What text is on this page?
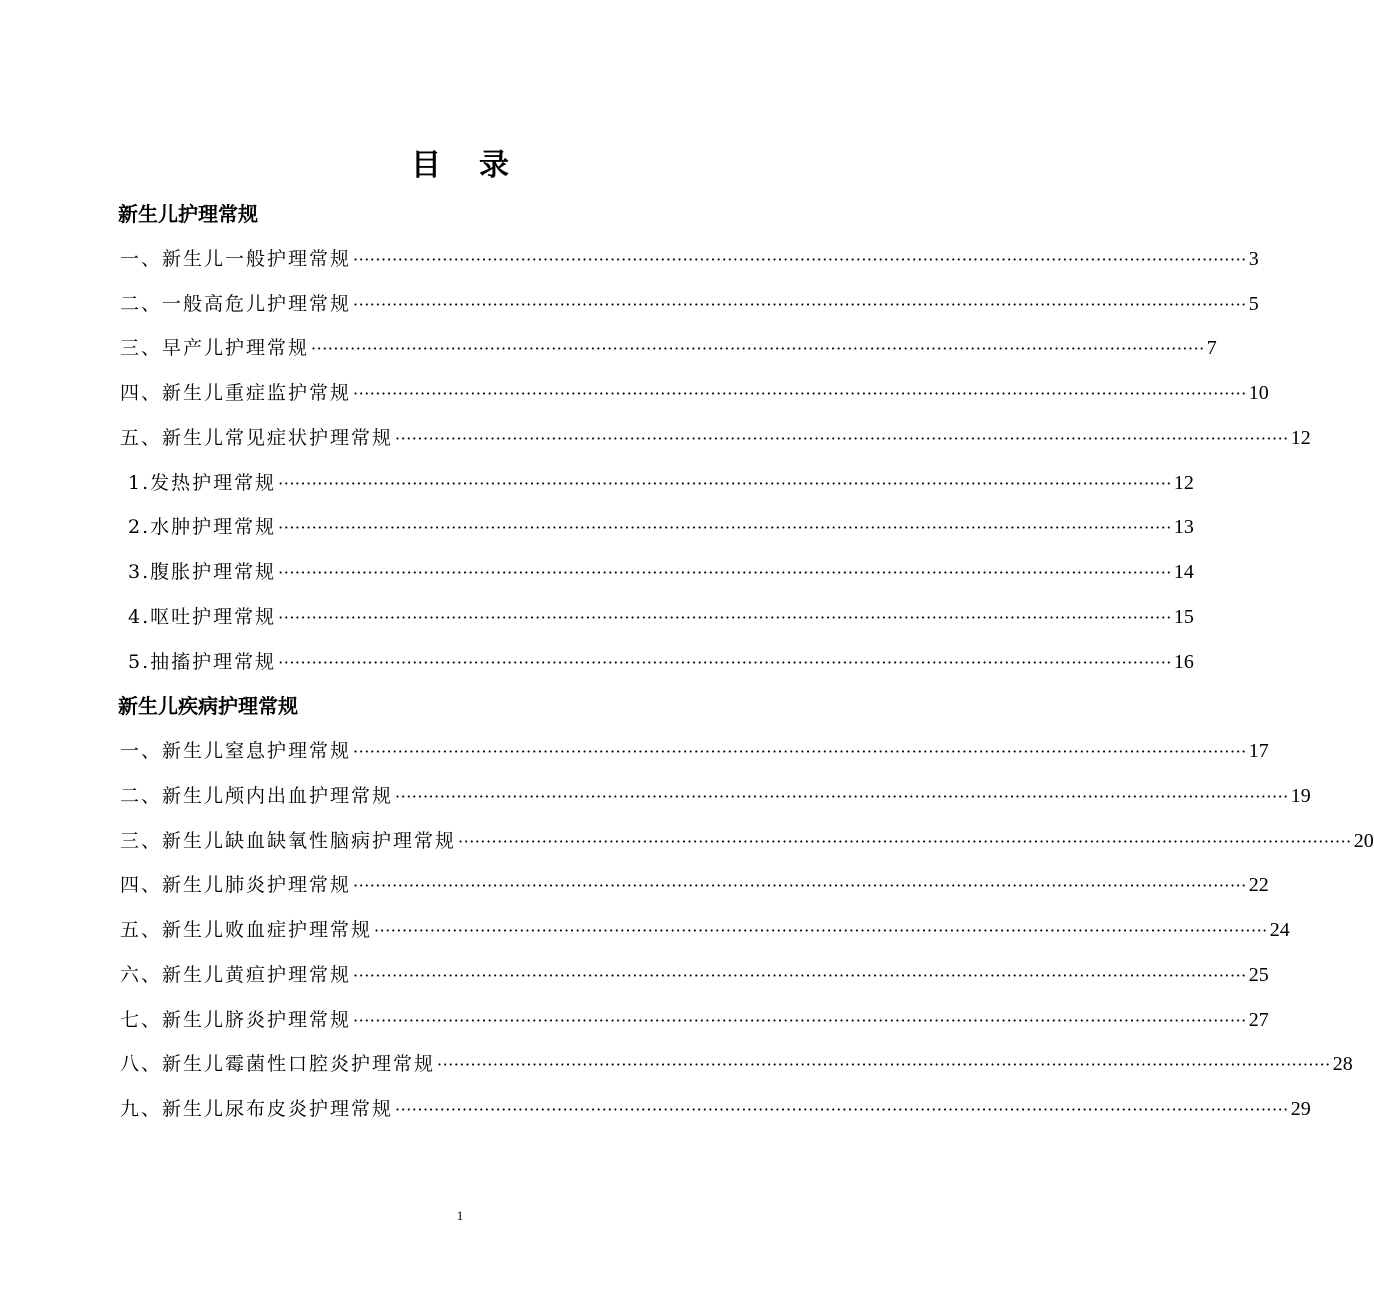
目 录
新生儿护理常规
一、新生儿一般护理常规 ································································································································································ 3
二、一般高危儿护理常规 ································································································································································ 5
三、早产儿护理常规 ································································································································································ 7
四、新生儿重症监护常规 ································································································································································ 10
五、新生儿常见症状护理常规 ································································································································································ 12
1.发热护理常规 ································································································································································ 12
2.水肿护理常规 ································································································································································ 13
3.腹胀护理常规 ································································································································································ 14
4.呕吐护理常规 ································································································································································ 15
5.抽搐护理常规 ································································································································································ 16
新生儿疾病护理常规
一、新生儿窒息护理常规 ································································································································································ 17
二、新生儿颅内出血护理常规 ································································································································································ 19
三、新生儿缺血缺氧性脑病护理常规 ································································································································································ 20
四、新生儿肺炎护理常规 ································································································································································ 22
五、新生儿败血症护理常规 ································································································································································ 24
六、新生儿黄疸护理常规 ································································································································································ 25
七、新生儿脐炎护理常规 ································································································································································ 27
八、新生儿霉菌性口腔炎护理常规 ································································································································································ 28
九、新生儿尿布皮炎护理常规 ································································································································································ 29
1
